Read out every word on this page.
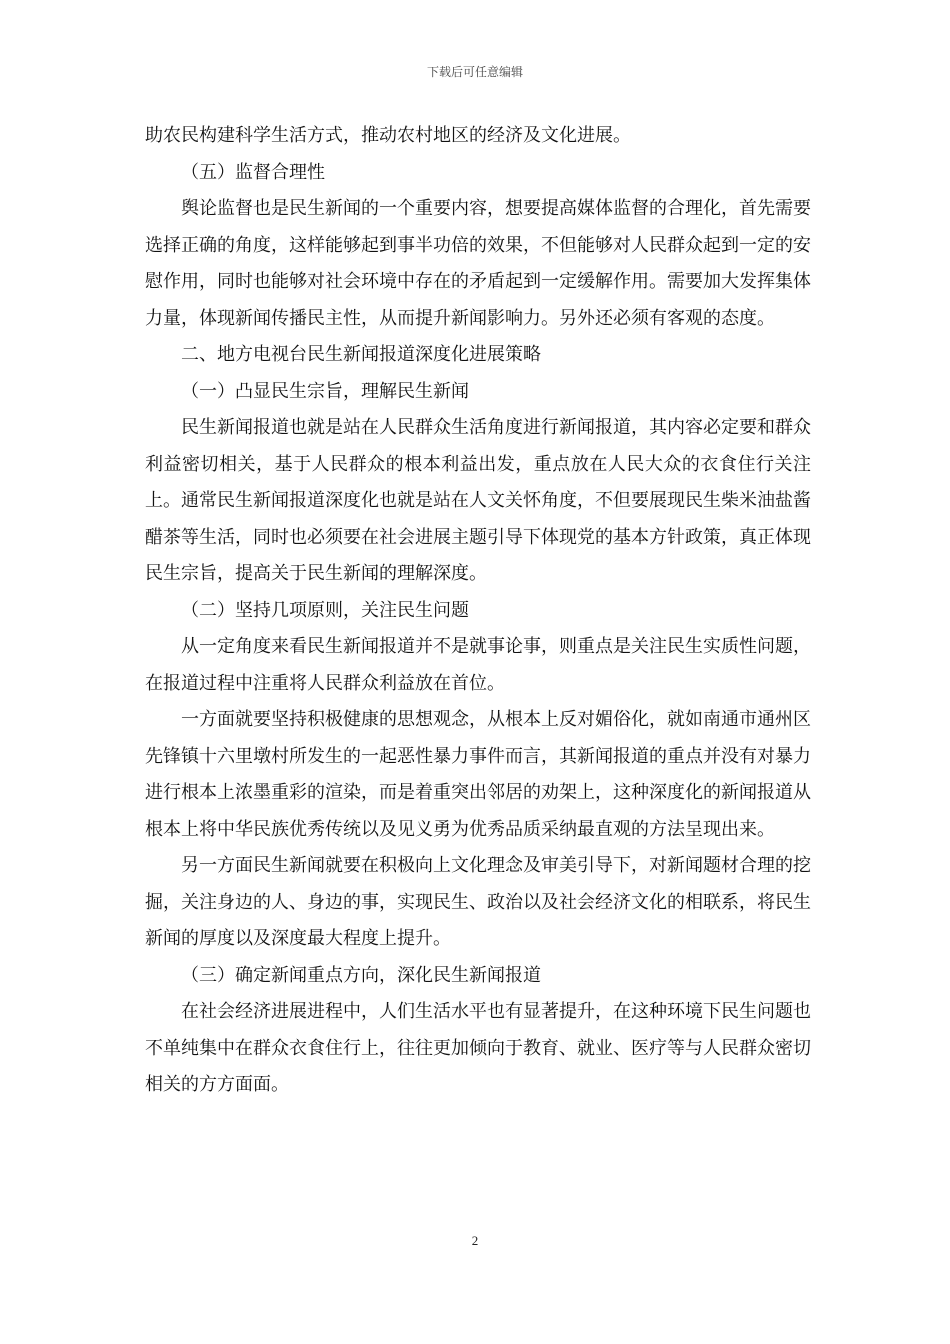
下载后可任意编辑

助农民构建科学生活方式，推动农村地区的经济及文化进展。

（五）监督合理性

舆论监督也是民生新闻的一个重要内容，想要提高媒体监督的合理化，首先需要选择正确的角度，这样能够起到事半功倍的效果，不但能够对人民群众起到一定的安慰作用，同时也能够对社会环境中存在的矛盾起到一定缓解作用。需要加大发挥集体力量，体现新闻传播民主性，从而提升新闻影响力。另外还必须有客观的态度。

二、地方电视台民生新闻报道深度化进展策略

（一）凸显民生宗旨，理解民生新闻

民生新闻报道也就是站在人民群众生活角度进行新闻报道，其内容必定要和群众利益密切相关，基于人民群众的根本利益出发，重点放在人民大众的衣食住行关注上。通常民生新闻报道深度化也就是站在人文关怀角度，不但要展现民生柴米油盐酱醋茶等生活，同时也必须要在社会进展主题引导下体现党的基本方针政策，真正体现民生宗旨，提高关于民生新闻的理解深度。

（二）坚持几项原则，关注民生问题

从一定角度来看民生新闻报道并不是就事论事，则重点是关注民生实质性问题，在报道过程中注重将人民群众利益放在首位。

一方面就要坚持积极健康的思想观念，从根本上反对媚俗化，就如南通市通州区先锋镇十六里墩村所发生的一起恶性暴力事件而言，其新闻报道的重点并没有对暴力进行根本上浓墨重彩的渲染，而是着重突出邻居的劝架上，这种深度化的新闻报道从根本上将中华民族优秀传统以及见义勇为优秀品质采纳最直观的方法呈现出来。

另一方面民生新闻就要在积极向上文化理念及审美引导下，对新闻题材合理的挖掘，关注身边的人、身边的事，实现民生、政治以及社会经济文化的相联系，将民生新闻的厚度以及深度最大程度上提升。

（三）确定新闻重点方向，深化民生新闻报道

在社会经济进展进程中，人们生活水平也有显著提升，在这种环境下民生问题也不单纯集中在群众衣食住行上，往往更加倾向于教育、就业、医疗等与人民群众密切相关的方方面面。

2
